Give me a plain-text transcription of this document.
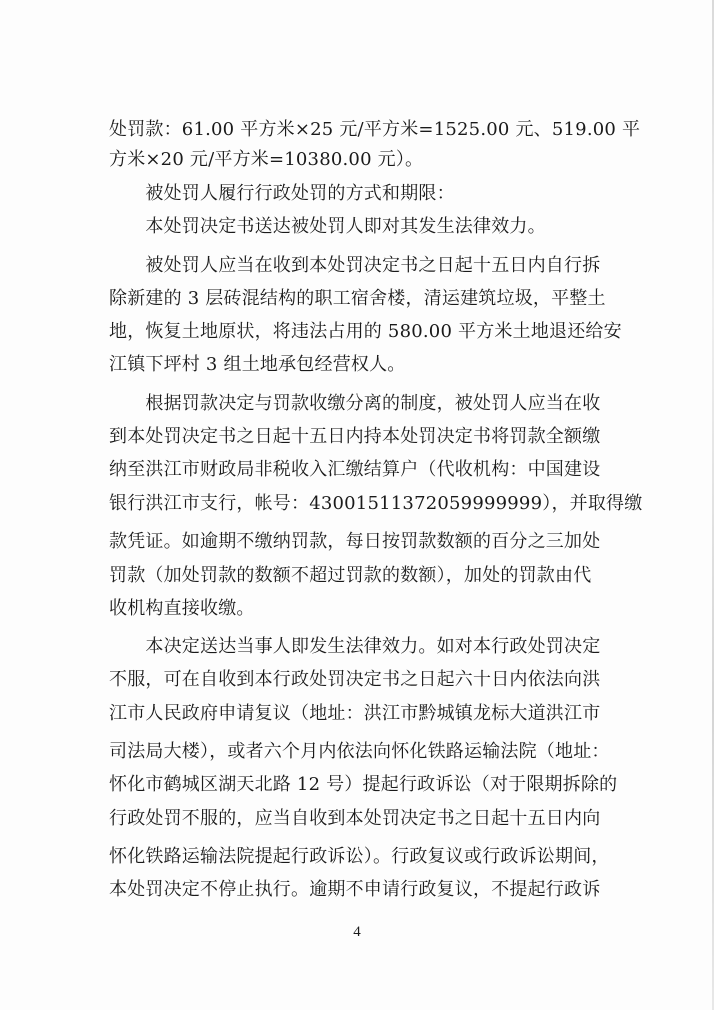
处罚款：61.00 平方米×25 元/平方米=1525.00 元、519.00 平
方米×20 元/平方米=10380.00 元）。
　　被处罚人履行行政处罚的方式和期限：
　　本处罚决定书送达被处罚人即对其发生法律效力。
　　被处罚人应当在收到本处罚决定书之日起十五日内自行拆
除新建的 3 层砖混结构的职工宿舍楼，清运建筑垃圾，平整土
地，恢复土地原状，将违法占用的 580.00 平方米土地退还给安
江镇下坪村 3 组土地承包经营权人。
　　根据罚款决定与罚款收缴分离的制度，被处罚人应当在收
到本处罚决定书之日起十五日内持本处罚决定书将罚款全额缴
纳至洪江市财政局非税收入汇缴结算户（代收机构：中国建设
银行洪江市支行，帐号：43001511372059999999），并取得缴
款凭证。如逾期不缴纳罚款，每日按罚款数额的百分之三加处
罚款（加处罚款的数额不超过罚款的数额），加处的罚款由代
收机构直接收缴。
　　本决定送达当事人即发生法律效力。如对本行政处罚决定
不服，可在自收到本行政处罚决定书之日起六十日内依法向洪
江市人民政府申请复议（地址：洪江市黔城镇龙标大道洪江市
司法局大楼），或者六个月内依法向怀化铁路运输法院（地址：
怀化市鹤城区湖天北路 12 号）提起行政诉讼（对于限期拆除的
行政处罚不服的，应当自收到本处罚决定书之日起十五日内向
怀化铁路运输法院提起行政诉讼）。行政复议或行政诉讼期间，
本处罚决定不停止执行。逾期不申请行政复议，不提起行政诉
4
